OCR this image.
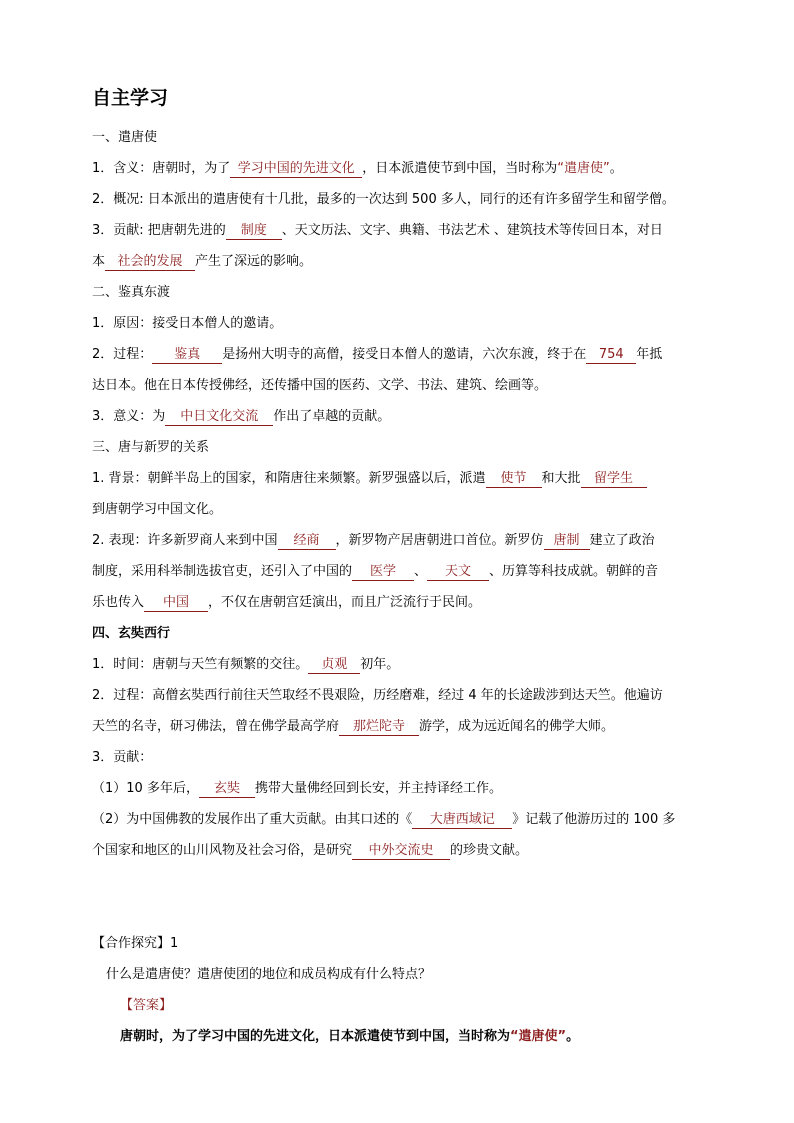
自主学习
一、遣唐使
1．含义：唐朝时，为了 学习中国的先进文化 ，日本派遣使节到中国，当时称为“遣唐使”。
2．概况: 日本派出的遣唐使有十几批，最多的一次达到 500 多人，同行的还有许多留学生和留学僧。
3．贡献: 把唐朝先进的 制度 、天文历法、文字、典籍、书法艺术 、建筑技术等传回日本，对日
本 社会的发展 产生了深远的影响。
二、鉴真东渡
1．原因：接受日本僧人的邀请。
2．过程： 鉴真 是扬州大明寺的高僧，接受日本僧人的邀请，六次东渡，终于在 754 年抵
达日本。他在日本传授佛经，还传播中国的医药、文学、书法、建筑、绘画等。
3．意义：为 中日文化交流 作出了卓越的贡献。
三、唐与新罗的关系
1. 背景：朝鲜半岛上的国家，和隋唐往来频繁。新罗强盛以后，派遣 使节 和大批 留学生
到唐朝学习中国文化。
2. 表现：许多新罗商人来到中国 经商 ，新罗物产居唐朝进口首位。新罗仿 唐制 建立了政治
制度，采用科举制选拔官吏，还引入了中国的 医学 、 天文 、历算等科技成就。朝鲜的音
乐也传入 中国 ，不仅在唐朝宫廷演出，而且广泛流行于民间。
四、玄奘西行
1．时间：唐朝与天竺有频繁的交往。 贞观 初年。
2．过程：高僧玄奘西行前往天竺取经不畏艰险，历经磨难，经过 4 年的长途跋涉到达天竺。他遍访
天竺的名寺，研习佛法，曾在佛学最高学府 那烂陀寺 游学，成为远近闻名的佛学大师。
3．贡献：
（1）10 多年后， 玄奘 携带大量佛经回到长安，并主持译经工作。
（2）为中国佛教的发展作出了重大贡献。由其口述的《 大唐西域记 》记载了他游历过的 100 多
个国家和地区的山川风物及社会习俗，是研究 中外交流史 的珍贵文献。
【合作探究】1
什么是遣唐使？遣唐使团的地位和成员构成有什么特点？
【答案】
唐朝时，为了学习中国的先进文化，日本派遣使节到中国，当时称为“遣唐使”。
